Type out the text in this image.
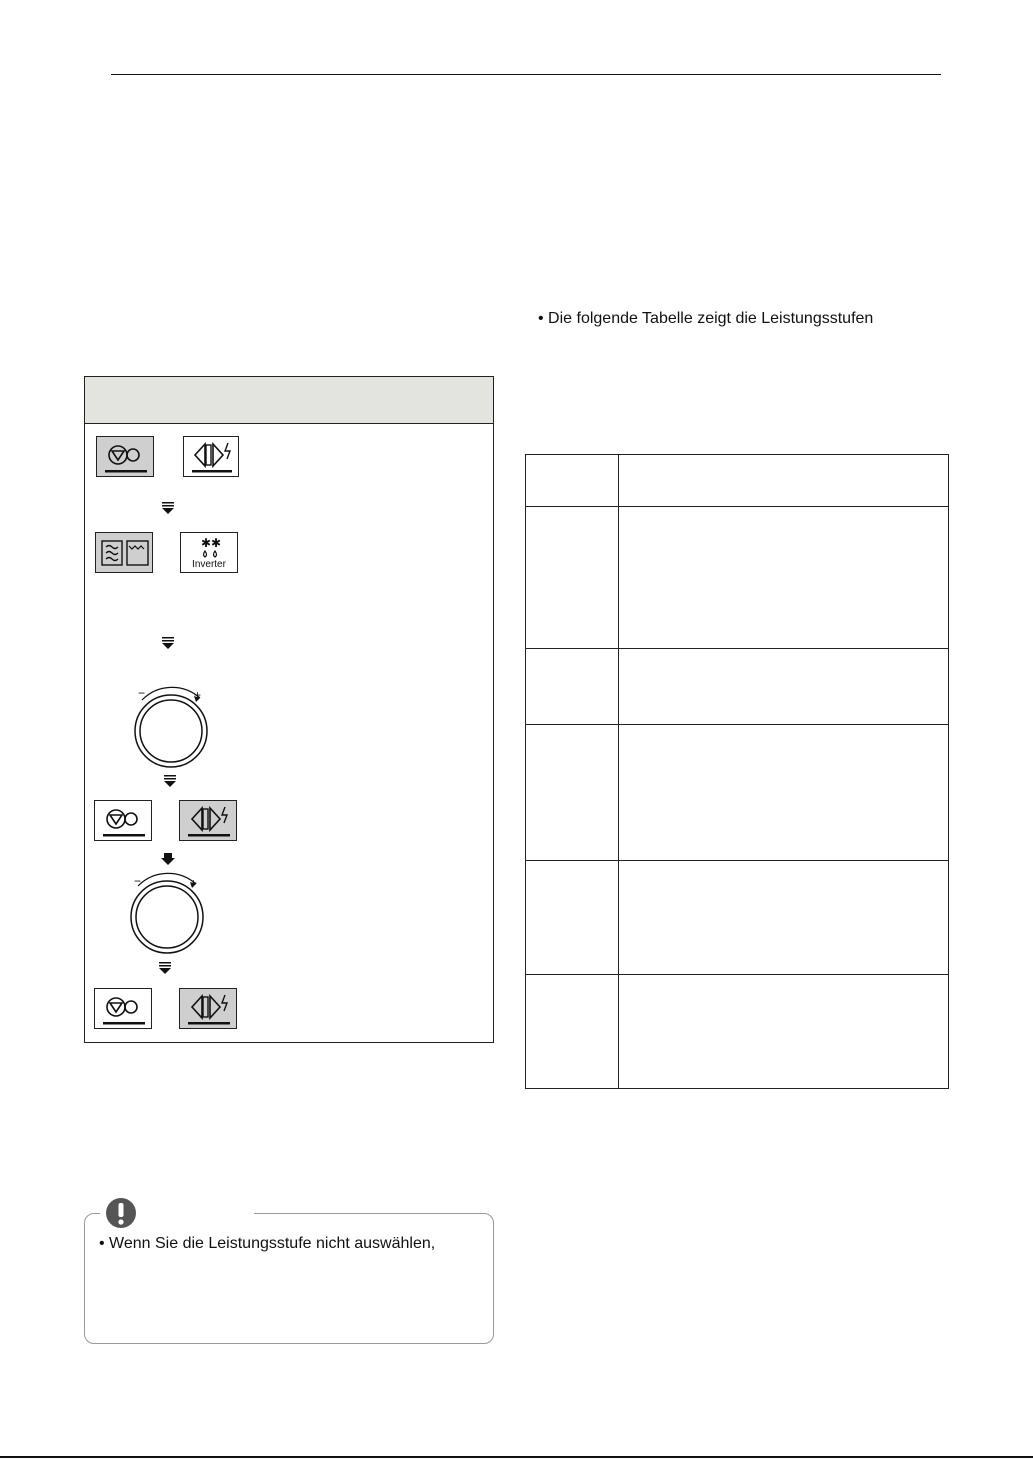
✱✱
Inverter
−	+
−	+
• Die folgende Tabelle zeigt die Leistungsstufen
• Wenn Sie die Leistungsstufe nicht auswählen,
